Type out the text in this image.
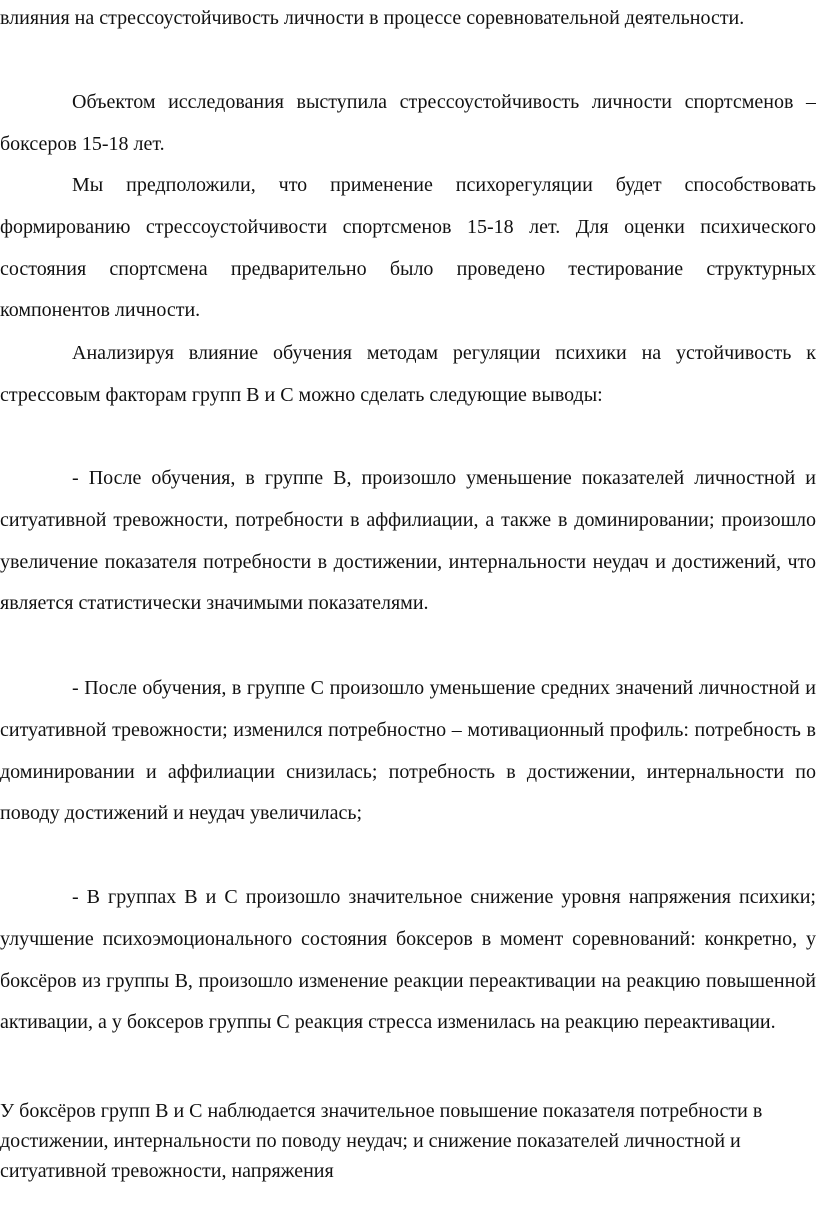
влияния на стрессоустойчивость личности в процессе соревновательной деятельности.

Объектом исследования выступила стрессоустойчивость личности спортсменов – боксеров 15-18 лет.

Мы предположили, что применение психорегуляции будет способствовать формированию стрессоустойчивости спортсменов 15-18 лет. Для оценки психического состояния спортсмена предварительно было проведено тестирование структурных компонентов личности.

Анализируя влияние обучения методам регуляции психики на устойчивость к стрессовым факторам групп В и С можно сделать следующие выводы:

- После обучения, в группе В, произошло уменьшение показателей личностной и ситуативной тревожности, потребности в аффилиации, а также в доминировании; произошло увеличение показателя потребности в достижении, интернальности неудач и достижений, что является статистически значимыми показателями.

- После обучения, в группе С произошло уменьшение средних значений личностной и ситуативной тревожности; изменился потребностно – мотивационный профиль: потребность в доминировании и аффилиации снизилась; потребность в достижении, интернальности по поводу достижений и неудач увеличилась;

- В группах В и С произошло значительное снижение уровня напряжения психики; улучшение психоэмоционального состояния боксеров в момент соревнований: конкретно, у боксёров из группы В, произошло изменение реакции переактивации на реакцию повышенной активации, а у боксеров группы С реакция стресса изменилась на реакцию переактивации.

У боксёров групп В и С наблюдается значительное повышение показателя потребности в достижении, интернальности по поводу неудач; и снижение показателей личностной и ситуативной тревожности, напряжения
